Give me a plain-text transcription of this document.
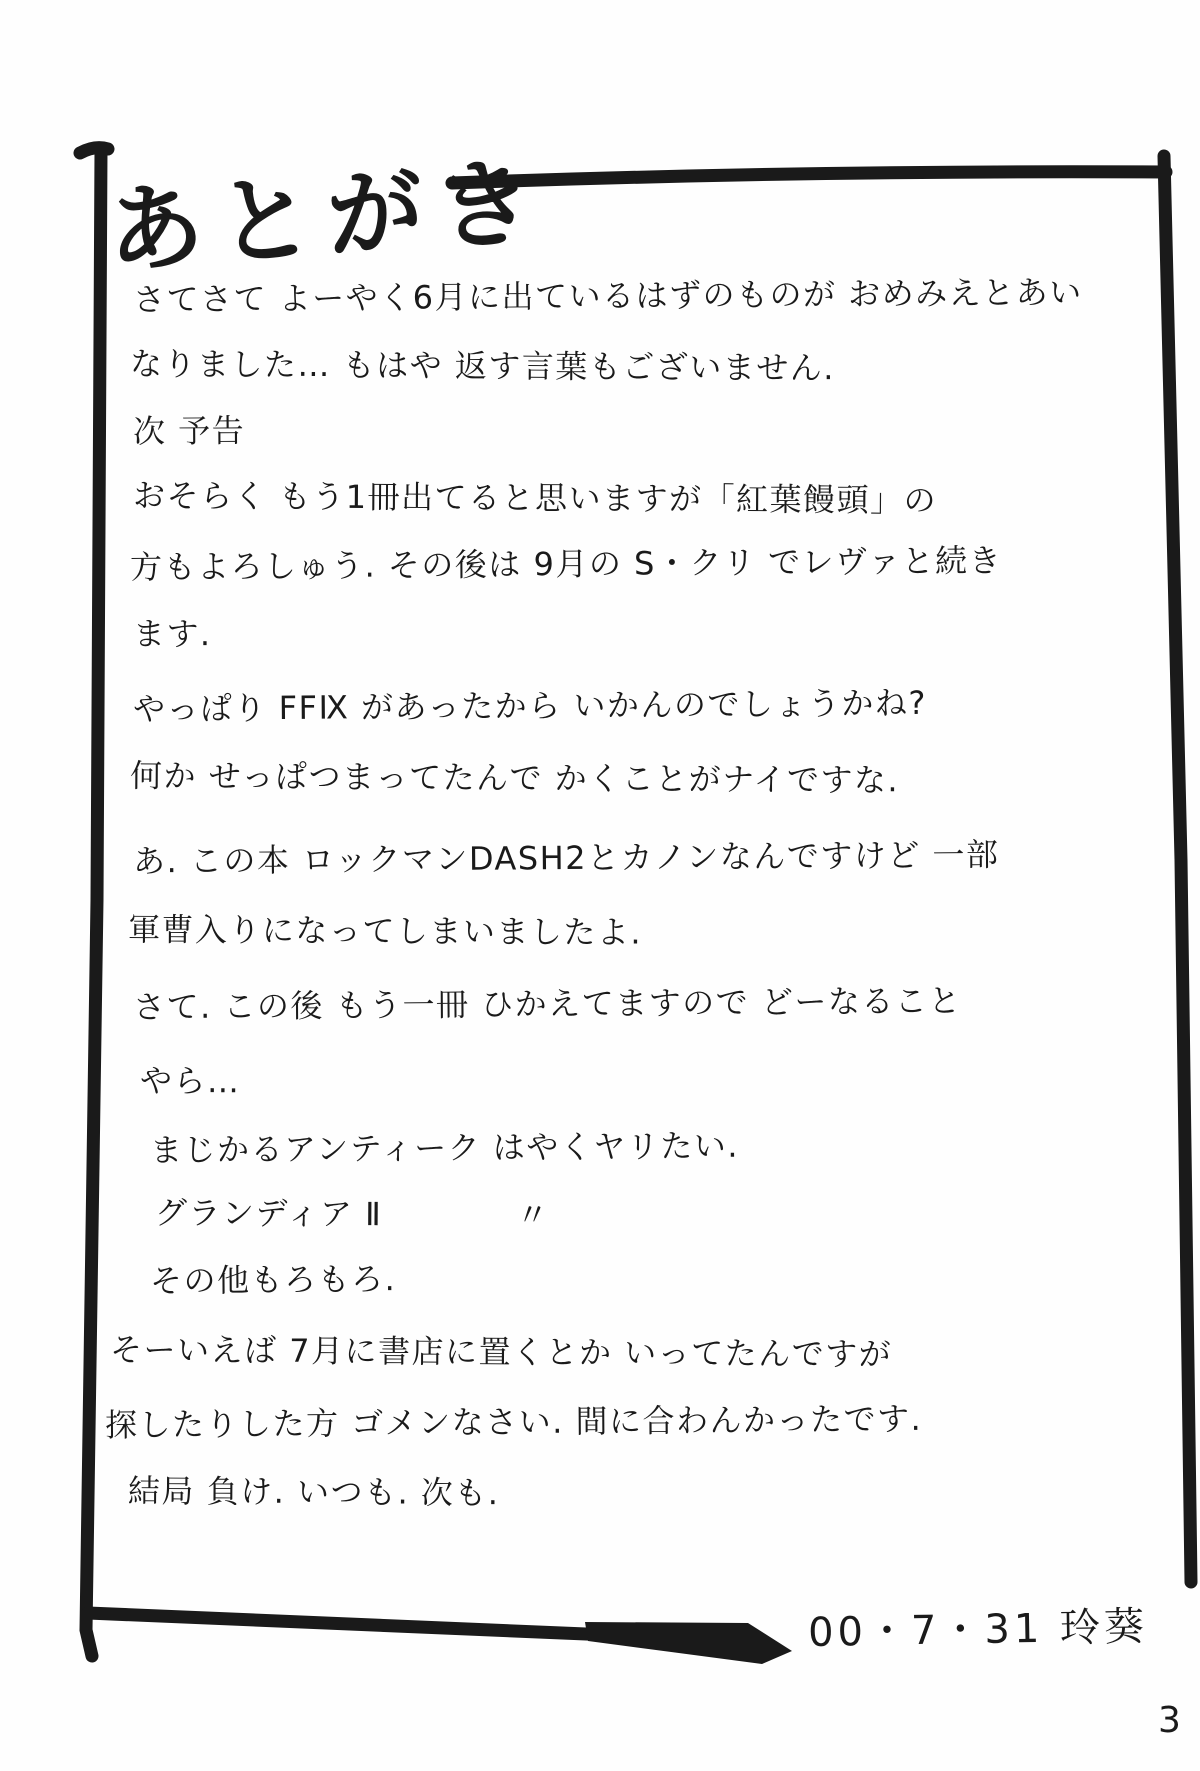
あとがき
さてさて よーやく6月に出ているはずのものが おめみえとあい
なりました… もはや 返す言葉もございません.
次 予告
おそらく もう1冊出てると思いますが「紅葉饅頭」の
方もよろしゅう. その後は 9月の S・クリ でレヴァと続き
ます.
やっぱり FFⅨ があったから いかんのでしょうかね?
何か せっぱつまってたんで かくことがナイですな.
あ. この本 ロックマンDASH2とカノンなんですけど 一部
軍曹入りになってしまいましたよ.
さて. この後 もう一冊 ひかえてますので どーなること
やら…
まじかるアンティーク はやくヤリたい.
グランディア Ⅱ　　　　〃
その他もろもろ.
そーいえば 7月に書店に置くとか いってたんですが
探したりした方 ゴメンなさい. 間に合わんかったです.
結局 負け. いつも. 次も.
00・7・31 玲葵
3
